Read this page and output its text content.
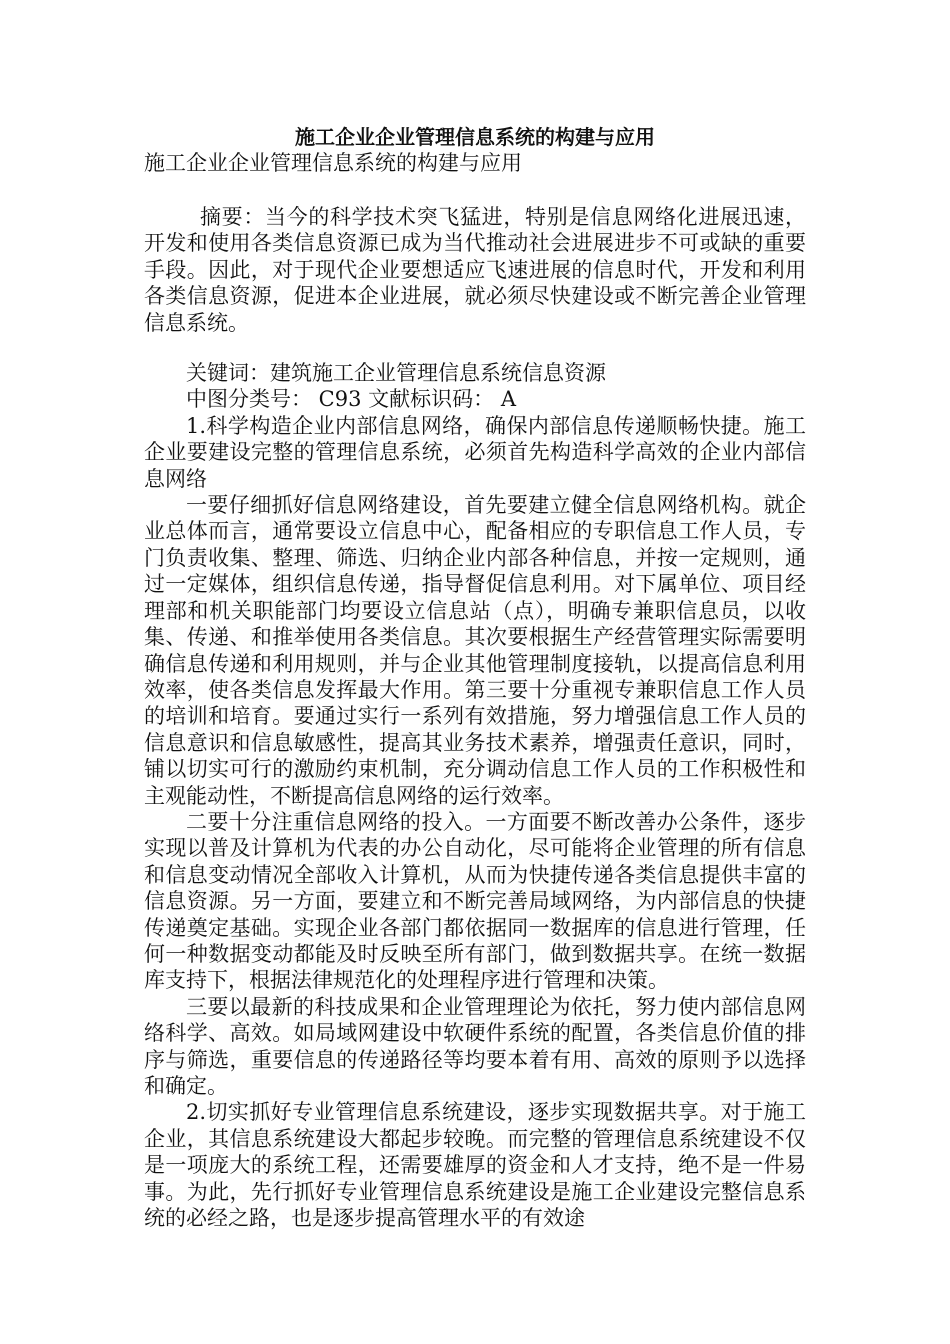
施工企业企业管理信息系统的构建与应用
施工企业企业管理信息系统的构建与应用

摘要：当今的科学技术突飞猛进，特别是信息网络化进展迅速，开发和使用各类信息资源已成为当代推动社会进展进步不可或缺的重要手段。因此，对于现代企业要想适应飞速进展的信息时代，开发和利用各类信息资源，促进本企业进展，就必须尽快建设或不断完善企业管理信息系统。

关键词：建筑施工企业管理信息系统信息资源

中图分类号： C93 文献标识码： A

1.科学构造企业内部信息网络，确保内部信息传递顺畅快捷。施工企业要建设完整的管理信息系统，必须首先构造科学高效的企业内部信息网络

一要仔细抓好信息网络建设，首先要建立健全信息网络机构。就企业总体而言，通常要设立信息中心，配备相应的专职信息工作人员，专门负责收集、整理、筛选、归纳企业内部各种信息，并按一定规则，通过一定媒体，组织信息传递，指导督促信息利用。对下属单位、项目经理部和机关职能部门均要设立信息站（点），明确专兼职信息员，以收集、传递、和推举使用各类信息。其次要根据生产经营管理实际需要明确信息传递和利用规则，并与企业其他管理制度接轨，以提高信息利用效率，使各类信息发挥最大作用。第三要十分重视专兼职信息工作人员的培训和培育。要通过实行一系列有效措施，努力增强信息工作人员的信息意识和信息敏感性，提高其业务技术素养，增强责任意识，同时，铺以切实可行的激励约束机制，充分调动信息工作人员的工作积极性和主观能动性，不断提高信息网络的运行效率。

二要十分注重信息网络的投入。一方面要不断改善办公条件，逐步实现以普及计算机为代表的办公自动化，尽可能将企业管理的所有信息和信息变动情况全部收入计算机，从而为快捷传递各类信息提供丰富的信息资源。另一方面，要建立和不断完善局域网络，为内部信息的快捷传递奠定基础。实现企业各部门都依据同一数据库的信息进行管理，任何一种数据变动都能及时反映至所有部门，做到数据共享。在统一数据库支持下，根据法律规范化的处理程序进行管理和决策。

三要以最新的科技成果和企业管理理论为依托，努力使内部信息网络科学、高效。如局域网建设中软硬件系统的配置，各类信息价值的排序与筛选，重要信息的传递路径等均要本着有用、高效的原则予以选择和确定。

2.切实抓好专业管理信息系统建设，逐步实现数据共享。对于施工企业，其信息系统建设大都起步较晚。而完整的管理信息系统建设不仅是一项庞大的系统工程，还需要雄厚的资金和人才支持，绝不是一件易事。为此，先行抓好专业管理信息系统建设是施工企业建设完整信息系统的必经之路，也是逐步提高管理水平的有效途
